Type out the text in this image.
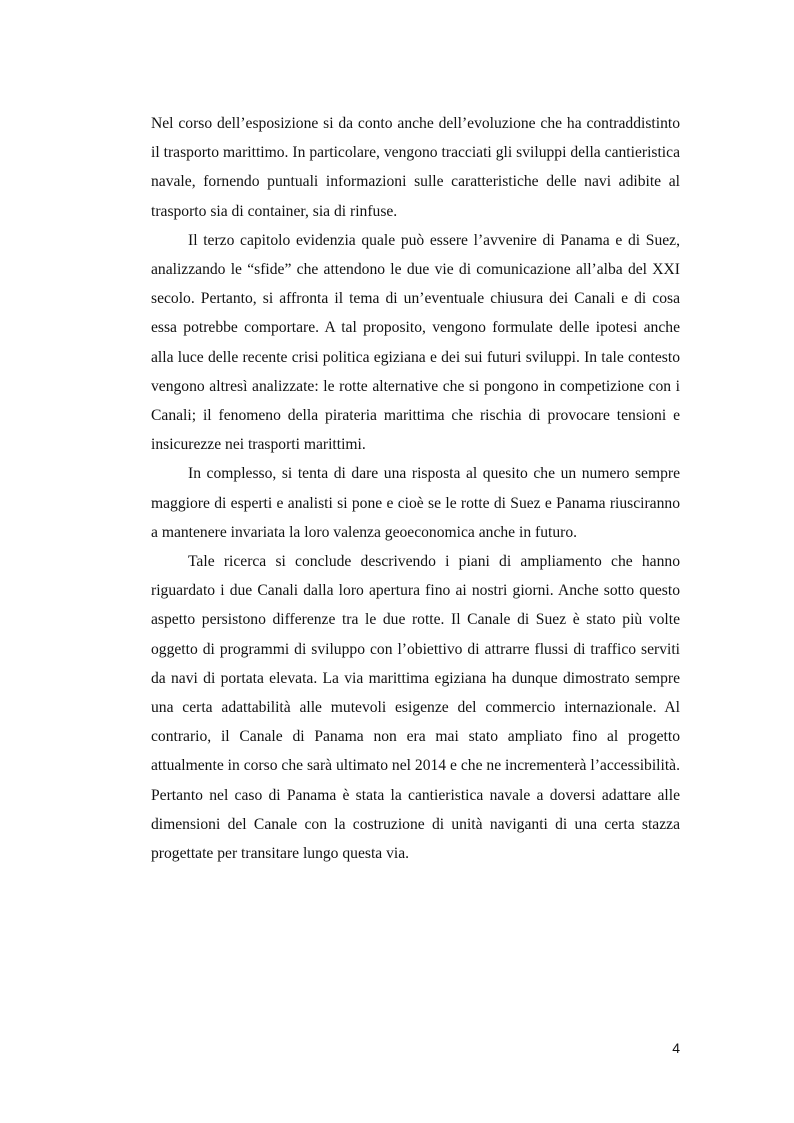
Nel corso dell’esposizione si da conto anche dell’evoluzione che ha contraddistinto il trasporto marittimo. In particolare, vengono tracciati gli sviluppi della cantieristica navale, fornendo puntuali informazioni sulle caratteristiche delle navi adibite al trasporto sia di container, sia di rinfuse.

Il terzo capitolo evidenzia quale può essere l’avvenire di Panama e di Suez, analizzando le “sfide” che attendono le due vie di comunicazione all’alba del XXI secolo. Pertanto, si affronta il tema di un’eventuale chiusura dei Canali e di cosa essa potrebbe comportare. A tal proposito, vengono formulate delle ipotesi anche alla luce delle recente crisi politica egiziana e dei sui futuri sviluppi. In tale contesto vengono altresì analizzate: le rotte alternative che si pongono in competizione con i Canali; il fenomeno della pirateria marittima che rischia di provocare tensioni e insicurezze nei trasporti marittimi.

In complesso, si tenta di dare una risposta al quesito che un numero sempre maggiore di esperti e analisti si pone e cioè se le rotte di Suez e Panama riusciranno a mantenere invariata la loro valenza geoeconomica anche in futuro.

Tale ricerca si conclude descrivendo i piani di ampliamento che hanno riguardato i due Canali dalla loro apertura fino ai nostri giorni. Anche sotto questo aspetto persistono differenze tra le due rotte. Il Canale di Suez è stato più volte oggetto di programmi di sviluppo con l’obiettivo di attrarre flussi di traffico serviti da navi di portata elevata. La via marittima egiziana ha dunque dimostrato sempre una certa adattabilità alle mutevoli esigenze del commercio internazionale. Al contrario, il Canale di Panama non era mai stato ampliato fino al progetto attualmente in corso che sarà ultimato nel 2014 e che ne incrementerà l’accessibilità. Pertanto nel caso di Panama è stata la cantieristica navale a doversi adattare alle dimensioni del Canale con la costruzione di unità naviganti di una certa stazza progettate per transitare lungo questa via.

4
